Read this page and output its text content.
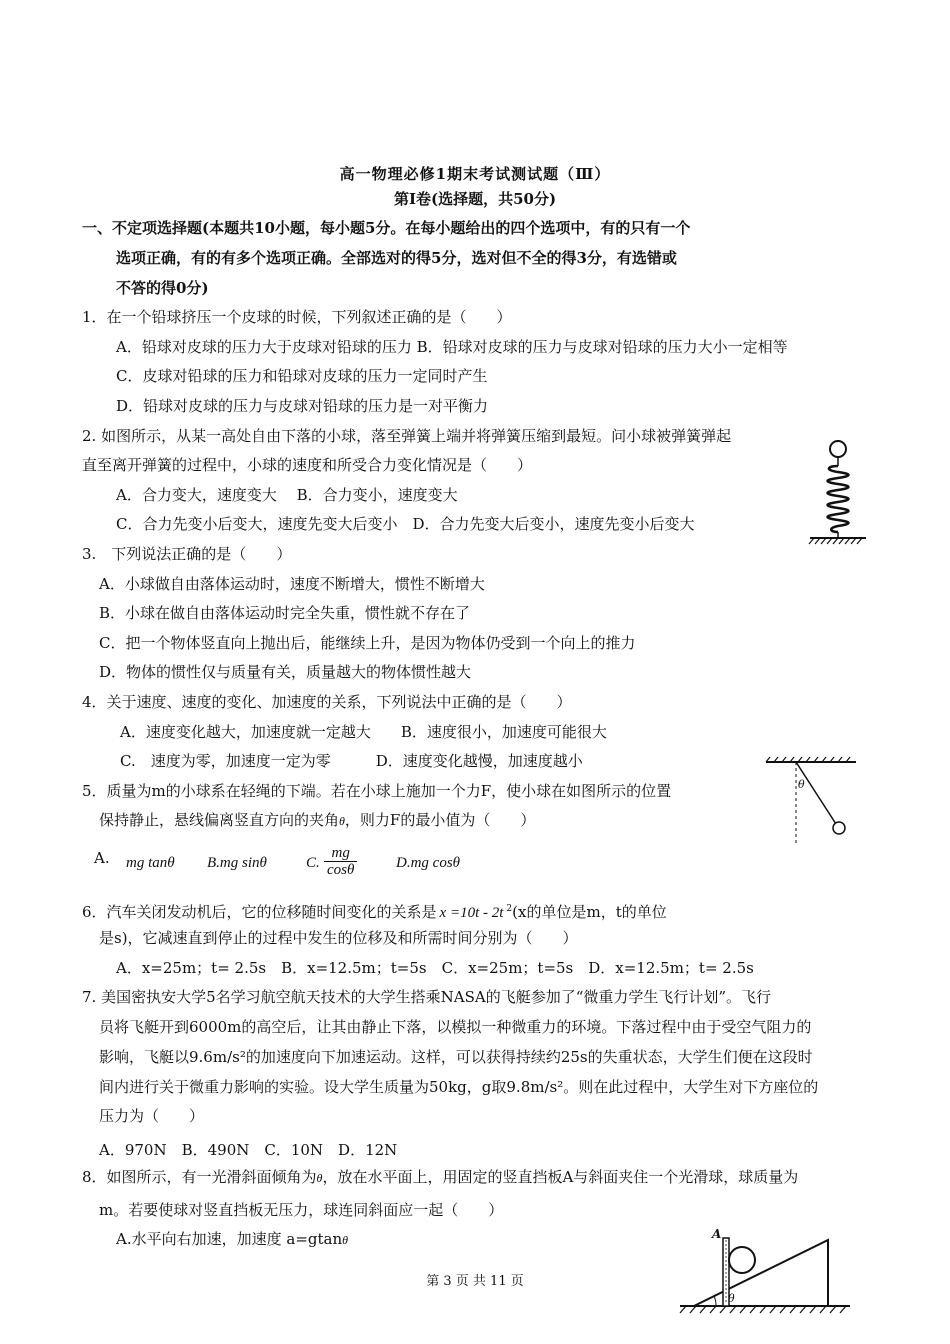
高一物理必修1期末考试测试题（Ⅲ）
第Ⅰ卷(选择题，共50分)
一、不定项选择题(本题共10小题，每小题5分。在每小题给出的四个选项中，有的只有一个
选项正确，有的有多个选项正确。全部选对的得5分，选对但不全的得3分，有选错或
不答的得0分)
1．在一个铅球挤压一个皮球的时候，下列叙述正确的是（　　）
A．铅球对皮球的压力大于皮球对铅球的压力 B．铅球对皮球的压力与皮球对铅球的压力大小一定相等
C．皮球对铅球的压力和铅球对皮球的压力一定同时产生
D．铅球对皮球的压力与皮球对铅球的压力是一对平衡力
2. 如图所示，从某一高处自由下落的小球，落至弹簧上端并将弹簧压缩到最短。问小球被弹簧弹起
直至离开弹簧的过程中，小球的速度和所受合力变化情况是（　　）
A．合力变大，速度变大　 B．合力变小，速度变大
C．合力先变小后变大，速度先变大后变小　D．合力先变大后变小，速度先变小后变大
3.　下列说法正确的是（　　）
A．小球做自由落体运动时，速度不断增大，惯性不断增大
B．小球在做自由落体运动时完全失重，惯性就不存在了
C．把一个物体竖直向上抛出后，能继续上升，是因为物体仍受到一个向上的推力
D．物体的惯性仅与质量有关，质量越大的物体惯性越大
4．关于速度、速度的变化、加速度的关系，下列说法中正确的是（　　）
A．速度变化越大，加速度就一定越大　　B．速度很小，加速度可能很大
C.　速度为零，加速度一定为零　　　D．速度变化越慢，加速度越小
5．质量为m的小球系在轻绳的下端。若在小球上施加一个力F，使小球在如图所示的位置
保持静止，悬线偏离竖直方向的夹角θ，则力F的最小值为（　　）
A. mg tanθ B.mg sinθ	C. $\frac{mg}{\cos\theta}$	D.mg cosθ
θ
6．汽车关闭发动机后，它的位移随时间变化的关系是 x =10t - 2t $^2$(x的单位是m，t的单位
是s)，它减速直到停止的过程中发生的位移及和所需时间分别为（　　）
A．x=25m；t= 2.5s　B．x=12.5m；t=5s　C．x=25m；t=5s　D．x=12.5m；t= 2.5s
7. 美国密执安大学5名学习航空航天技术的大学生搭乘NASA的飞艇参加了“微重力学生飞行计划”。飞行
员将飞艇开到6000m的高空后，让其由静止下落，以模拟一种微重力的环境。下落过程中由于受空气阻力的
影响，飞艇以9.6m/s²的加速度向下加速运动。这样，可以获得持续约25s的失重状态，大学生们便在这段时
间内进行关于微重力影响的实验。设大学生质量为50kg，g取9.8m/s²。则在此过程中，大学生对下方座位的
压力为（　　）
A．970N　B．490N　C．10N　D．12N
8．如图所示，有一光滑斜面倾角为θ，放在水平面上，用固定的竖直挡板A与斜面夹住一个光滑球，球质量为
m。若要使球对竖直挡板无压力，球连同斜面应一起（　　）
A.水平向右加速，加速度 a=gtanθ	A
θ
第 3 页 共 11 页
